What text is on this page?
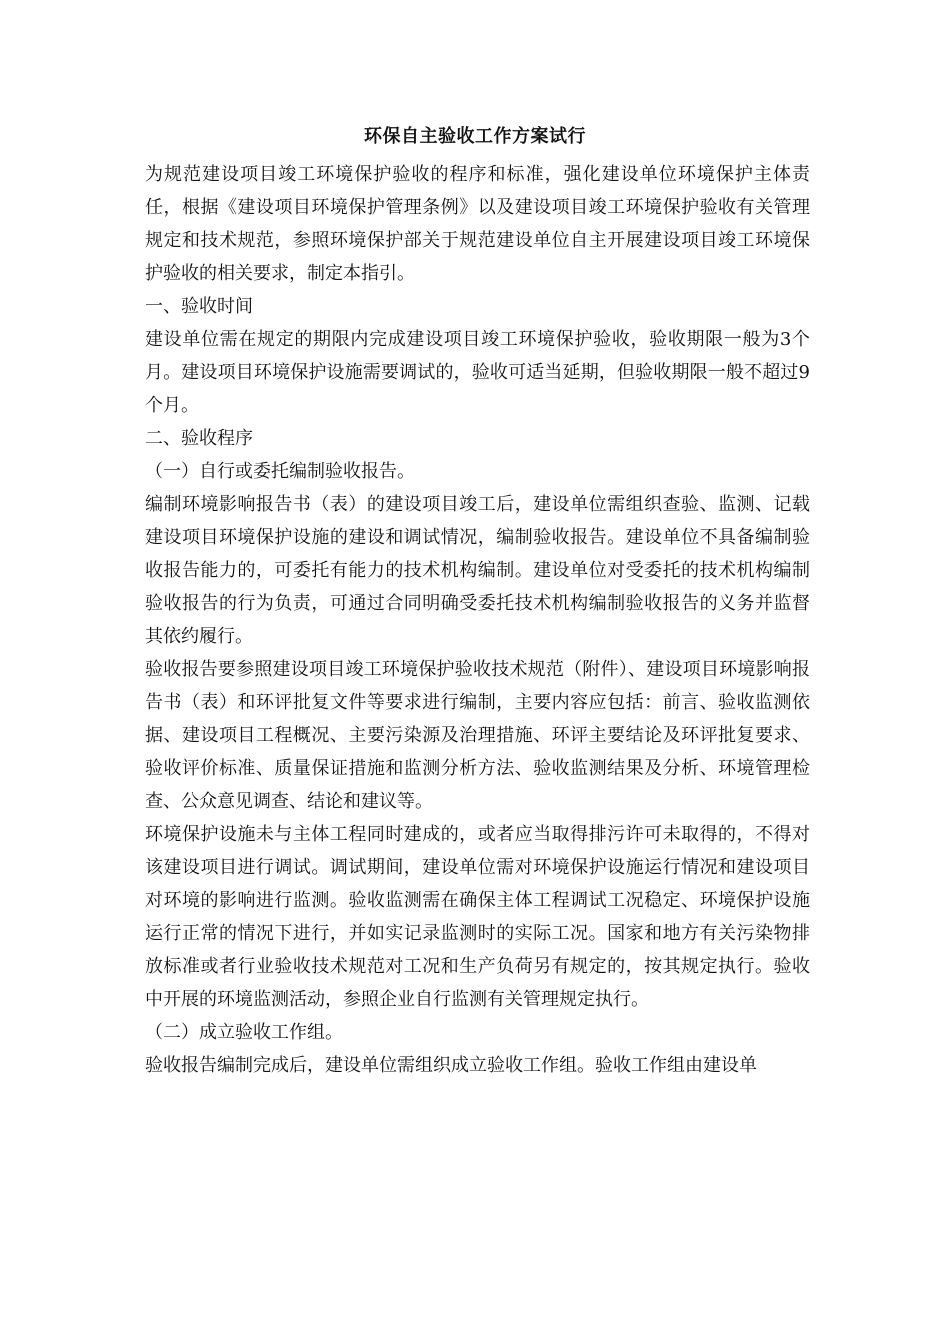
环保自主验收工作方案试行

为规范建设项目竣工环境保护验收的程序和标准，强化建设单位环境保护主体责任，根据《建设项目环境保护管理条例》以及建设项目竣工环境保护验收有关管理规定和技术规范，参照环境保护部关于规范建设单位自主开展建设项目竣工环境保护验收的相关要求，制定本指引。

一、验收时间

建设单位需在规定的期限内完成建设项目竣工环境保护验收，验收期限一般为3个月。建设项目环境保护设施需要调试的，验收可适当延期，但验收期限一般不超过9个月。

二、验收程序

（一）自行或委托编制验收报告。

编制环境影响报告书（表）的建设项目竣工后，建设单位需组织查验、监测、记载建设项目环境保护设施的建设和调试情况，编制验收报告。建设单位不具备编制验收报告能力的，可委托有能力的技术机构编制。建设单位对受委托的技术机构编制验收报告的行为负责，可通过合同明确受委托技术机构编制验收报告的义务并监督其依约履行。

验收报告要参照建设项目竣工环境保护验收技术规范（附件）、建设项目环境影响报告书（表）和环评批复文件等要求进行编制，主要内容应包括：前言、验收监测依据、建设项目工程概况、主要污染源及治理措施、环评主要结论及环评批复要求、验收评价标准、质量保证措施和监测分析方法、验收监测结果及分析、环境管理检查、公众意见调查、结论和建议等。

环境保护设施未与主体工程同时建成的，或者应当取得排污许可未取得的，不得对该建设项目进行调试。调试期间，建设单位需对环境保护设施运行情况和建设项目对环境的影响进行监测。验收监测需在确保主体工程调试工况稳定、环境保护设施运行正常的情况下进行，并如实记录监测时的实际工况。国家和地方有关污染物排放标准或者行业验收技术规范对工况和生产负荷另有规定的，按其规定执行。验收中开展的环境监测活动，参照企业自行监测有关管理规定执行。

（二）成立验收工作组。

验收报告编制完成后，建设单位需组织成立验收工作组。验收工作组由建设单
